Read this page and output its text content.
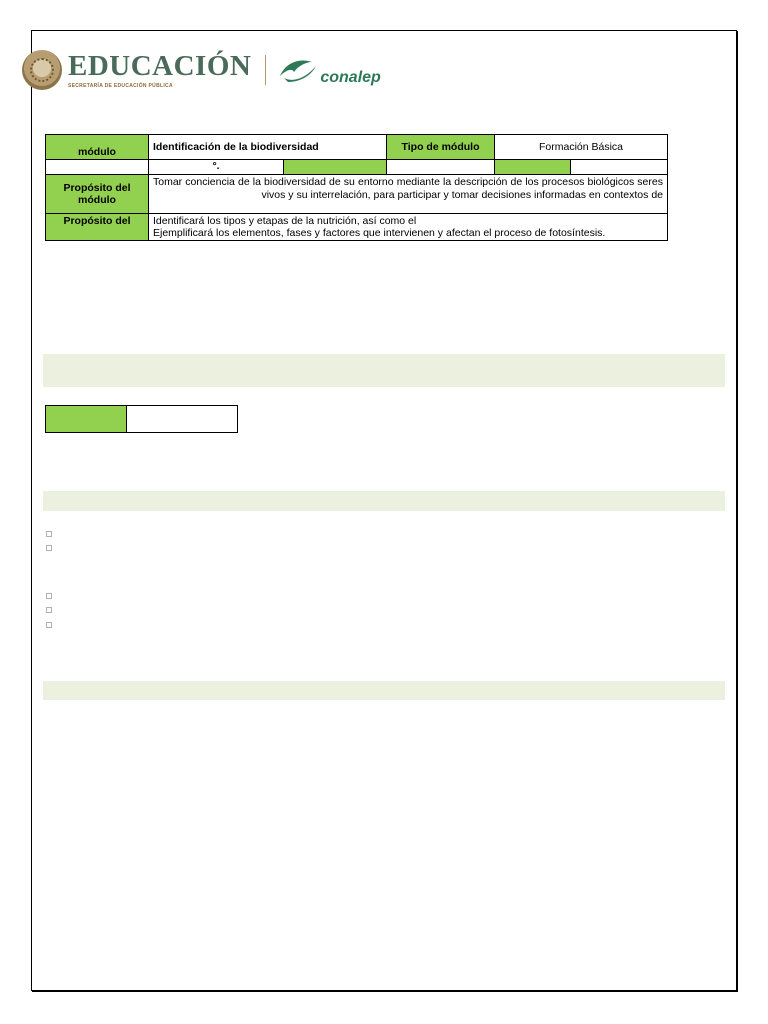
EDUCACIÓN
SECRETARÍA DE EDUCACIÓN PÚBLICA	conalep
módulo	Identificación de la biodiversidad		Tipo de módulo	Formación Básica	
	°.				
Propósito del módulo	Tomar conciencia de la biodiversidad de su entorno mediante la descripción de los procesos biológicos seres vivos y su interrelación, para participar y tomar decisiones informadas en contextos de				
Propósito del	Identificará los tipos y etapas de la nutrición, así como el
Ejemplificará los elementos, fases y factores que intervienen y afectan el proceso de fotosíntesis.				
